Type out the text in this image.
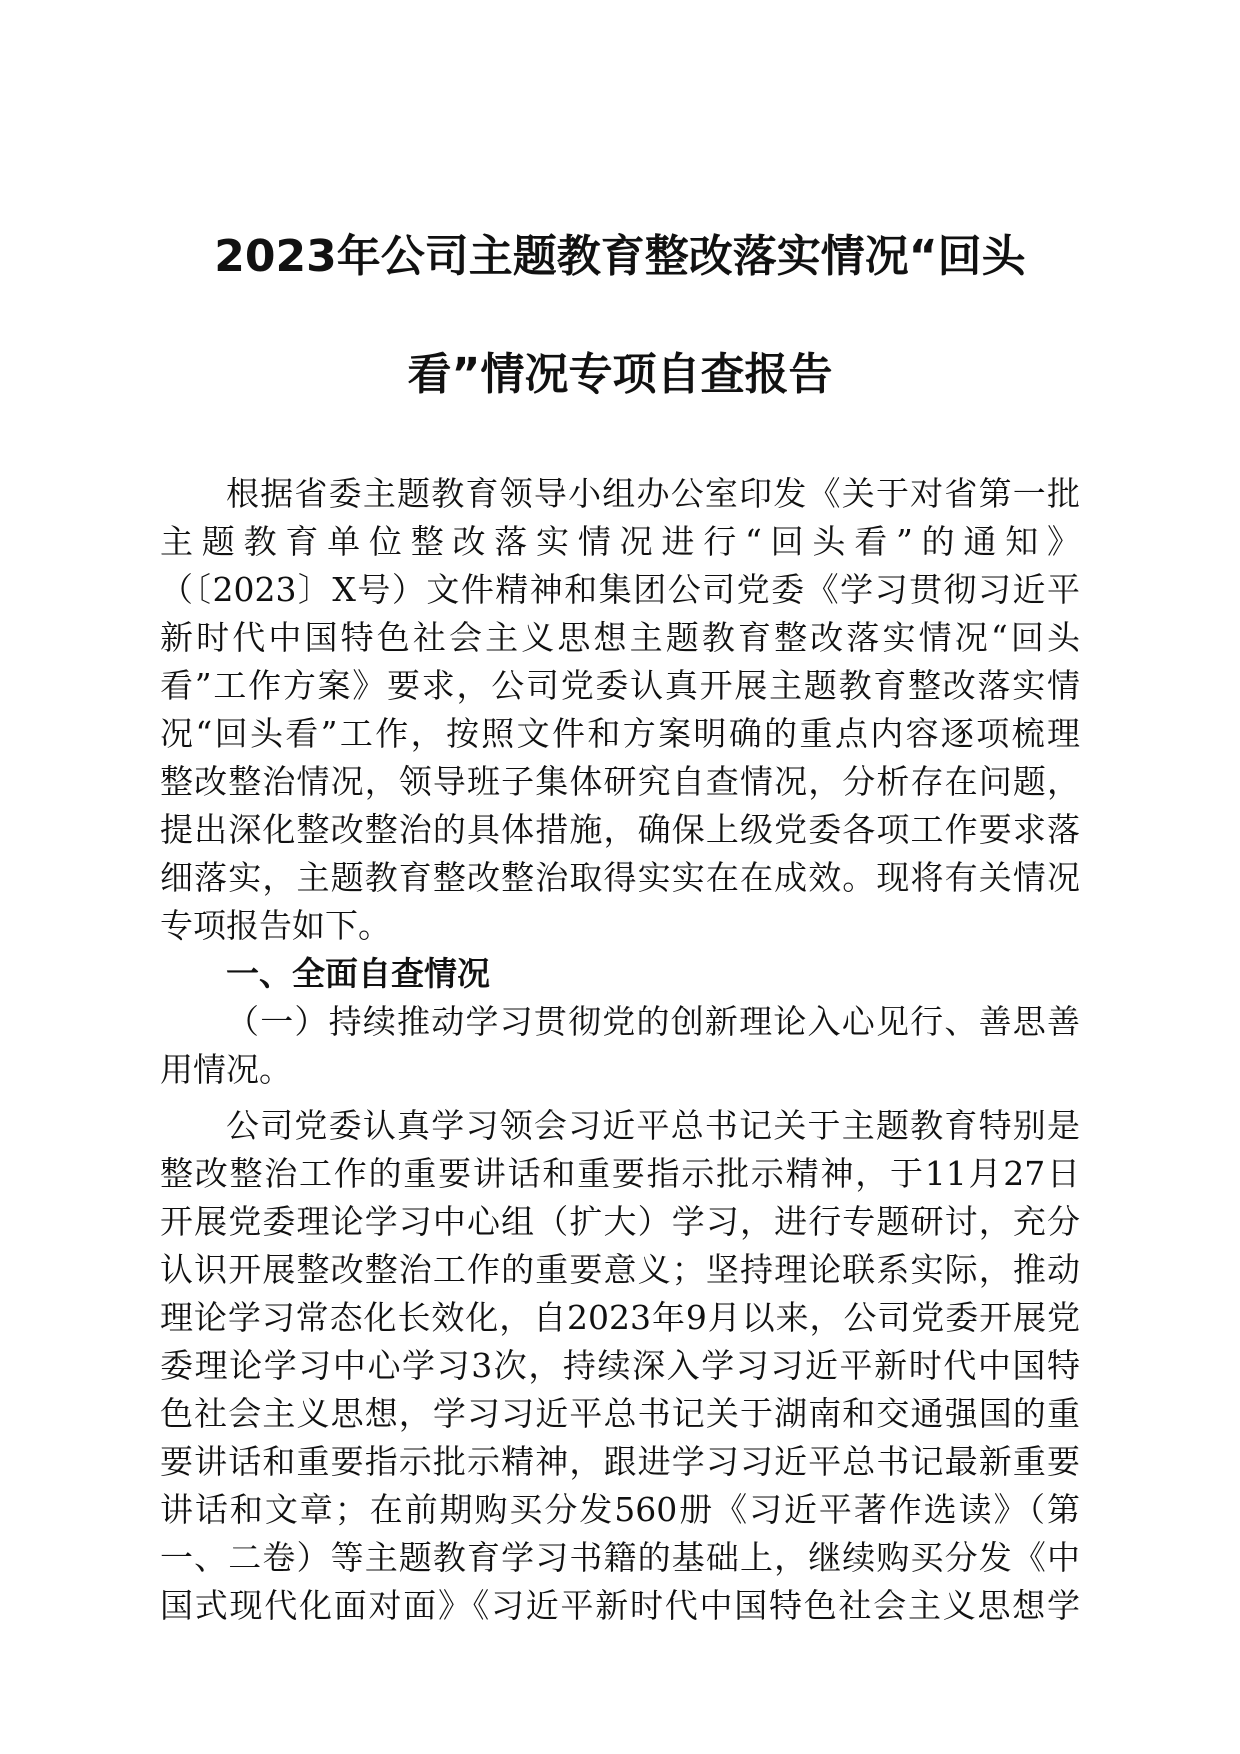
2023年公司主题教育整改落实情况“回头
看”情况专项自查报告
根据省委主题教育领导小组办公室印发《关于对省第一批
主题教育单位整改落实情况进行“回头看”的通知》
（〔2023〕X号）文件精神和集团公司党委《学习贯彻习近平
新时代中国特色社会主义思想主题教育整改落实情况“回头
看”工作方案》要求，公司党委认真开展主题教育整改落实情
况“回头看”工作，按照文件和方案明确的重点内容逐项梳理
整改整治情况，领导班子集体研究自查情况，分析存在问题，
提出深化整改整治的具体措施，确保上级党委各项工作要求落
细落实，主题教育整改整治取得实实在在成效。现将有关情况
专项报告如下。
一、全面自查情况
（一）持续推动学习贯彻党的创新理论入心见行、善思善
用情况。
公司党委认真学习领会习近平总书记关于主题教育特别是
整改整治工作的重要讲话和重要指示批示精神，于11月27日
开展党委理论学习中心组（扩大）学习，进行专题研讨，充分
认识开展整改整治工作的重要意义；坚持理论联系实际，推动
理论学习常态化长效化，自2023年9月以来，公司党委开展党
委理论学习中心学习3次，持续深入学习习近平新时代中国特
色社会主义思想，学习习近平总书记关于湖南和交通强国的重
要讲话和重要指示批示精神，跟进学习习近平总书记最新重要
讲话和文章；在前期购买分发560册《习近平著作选读》（第
一、二卷）等主题教育学习书籍的基础上，继续购买分发《中
国式现代化面对面》《习近平新时代中国特色社会主义思想学
